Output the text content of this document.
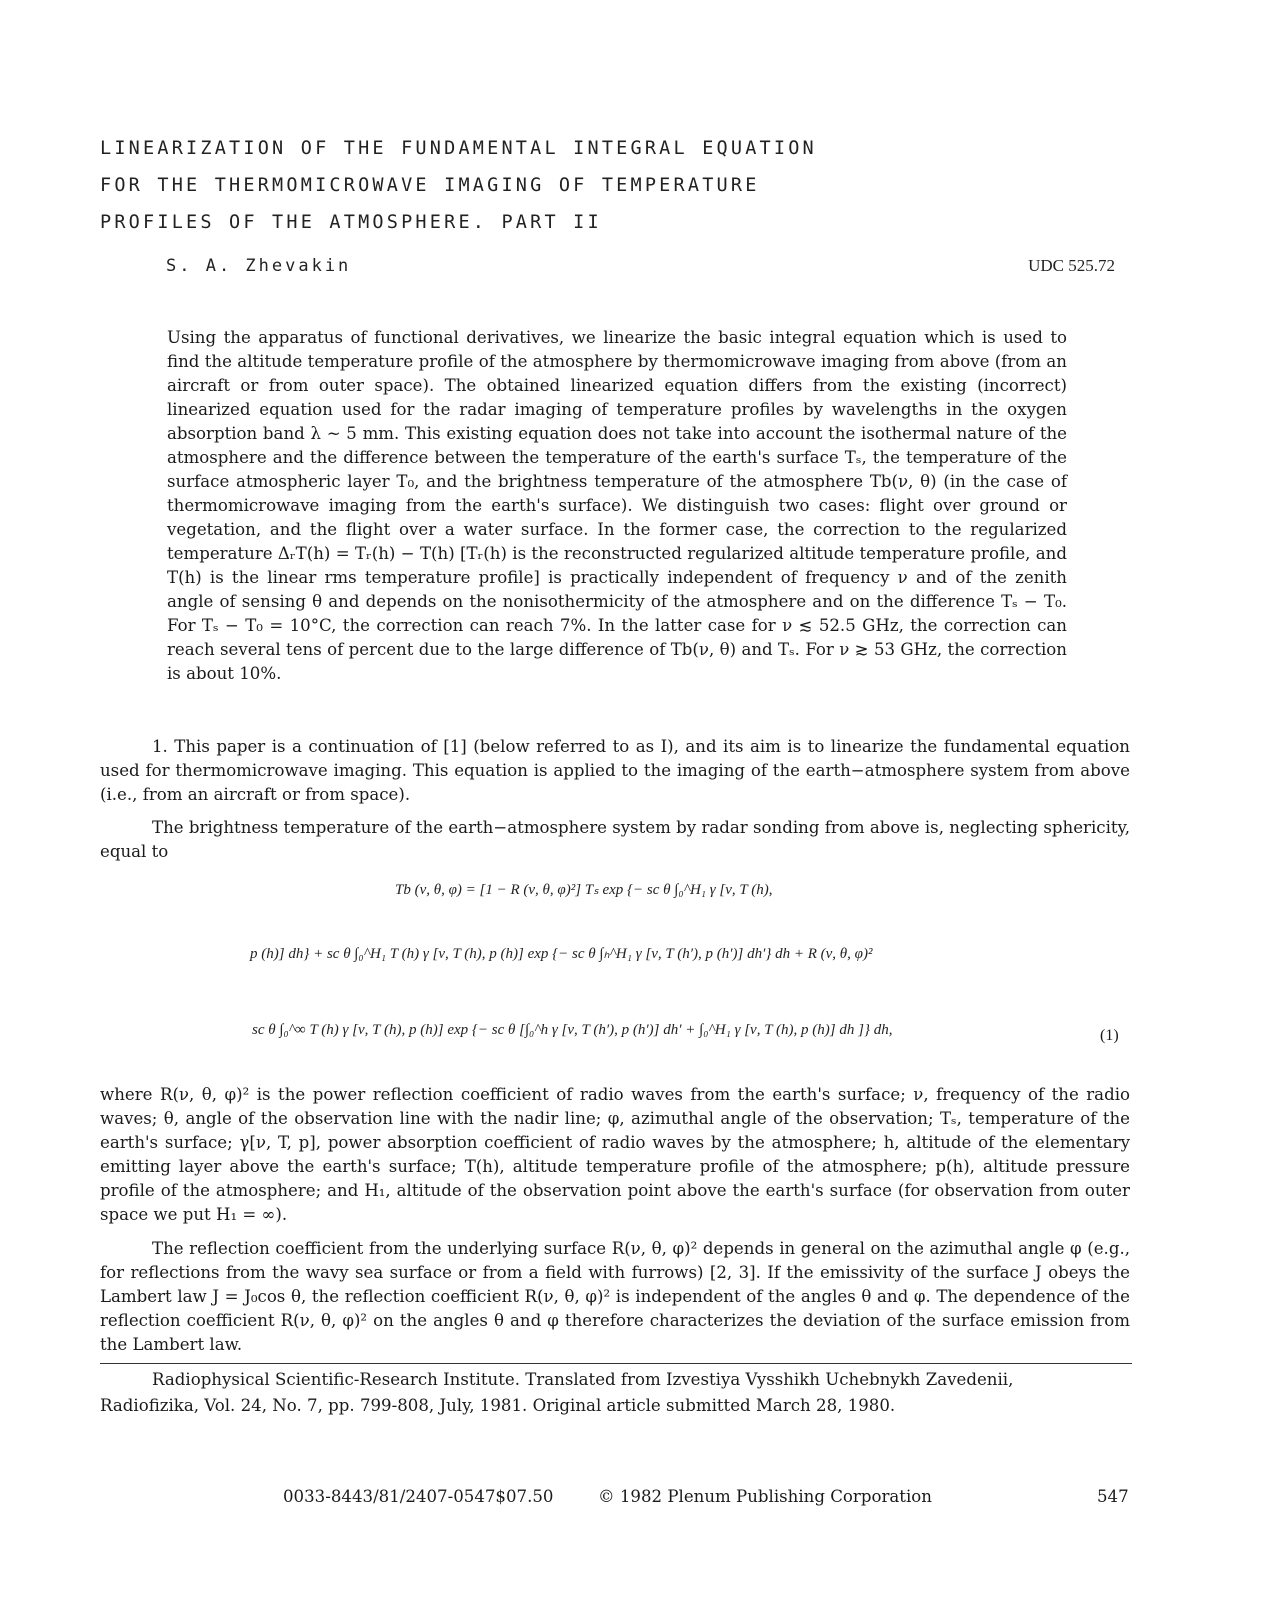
LINEARIZATION OF THE FUNDAMENTAL INTEGRAL EQUATION
FOR THE THERMOMICROWAVE IMAGING OF TEMPERATURE
PROFILES OF THE ATMOSPHERE. PART II
S. A. Zhevakin	UDC 525.72
Using the apparatus of functional derivatives, we linearize the basic integral equation which is used to find the altitude temperature profile of the atmosphere by thermomicrowave imaging from above (from an aircraft or from outer space). The obtained linearized equation differs from the existing (incorrect) linearized equation used for the radar imaging of temperature profiles by wavelengths in the oxygen absorption band λ ~ 5 mm. This existing equation does not take into account the isothermal nature of the atmosphere and the difference between the temperature of the earth's surface Tₛ, the temperature of the surface atmospheric layer T₀, and the brightness temperature of the atmosphere Tb(ν, θ) (in the case of thermomicrowave imaging from the earth's surface). We distinguish two cases: flight over ground or vegetation, and the flight over a water surface. In the former case, the correction to the regularized temperature ΔᵣT(h) = Tᵣ(h) − T(h) [Tᵣ(h) is the reconstructed regularized altitude temperature profile, and T(h) is the linear rms temperature profile] is practically independent of frequency ν and of the zenith angle of sensing θ and depends on the nonisothermicity of the atmosphere and on the difference Tₛ − T₀. For Tₛ − T₀ = 10°C, the correction can reach 7%. In the latter case for ν ≲ 52.5 GHz, the correction can reach several tens of percent due to the large difference of Tb(ν, θ) and Tₛ. For ν ≳ 53 GHz, the correction is about 10%.
1. This paper is a continuation of [1] (below referred to as I), and its aim is to linearize the fundamental equation used for thermomicrowave imaging. This equation is applied to the imaging of the earth−atmosphere system from above (i.e., from an aircraft or from space).
The brightness temperature of the earth−atmosphere system by radar sonding from above is, neglecting sphericity, equal to
Tb (ν, θ, φ) = [1 − R (ν, θ, φ)²] Tₛ exp {− sc θ ∫₀^H₁ γ [ν, T (h),
p (h)] dh} + sc θ ∫₀^H₁ T (h) γ [ν, T (h), p (h)] exp {− sc θ ∫ₕ^H₁ γ [ν, T (h′), p (h′)] dh′} dh + R (ν, θ, φ)²
sc θ ∫₀^∞ T (h) γ [ν, T (h), p (h)] exp {− sc θ [∫₀^h γ [ν, T (h′), p (h′)] dh′ + ∫₀^H₁ γ [ν, T (h), p (h)] dh ]} dh,	(1)
where R(ν, θ, φ)² is the power reflection coefficient of radio waves from the earth's surface; ν, frequency of the radio waves; θ, angle of the observation line with the nadir line; φ, azimuthal angle of the observation; Tₛ, temperature of the earth's surface; γ[ν, T, p], power absorption coefficient of radio waves by the atmosphere; h, altitude of the elementary emitting layer above the earth's surface; T(h), altitude temperature profile of the atmosphere; p(h), altitude pressure profile of the atmosphere; and H₁, altitude of the observation point above the earth's surface (for observation from outer space we put H₁ = ∞).
The reflection coefficient from the underlying surface R(ν, θ, φ)² depends in general on the azimuthal angle φ (e.g., for reflections from the wavy sea surface or from a field with furrows) [2, 3]. If the emissivity of the surface J obeys the Lambert law J = J₀cos θ, the reflection coefficient R(ν, θ, φ)² is independent of the angles θ and φ. The dependence of the reflection coefficient R(ν, θ, φ)² on the angles θ and φ therefore characterizes the deviation of the surface emission from the Lambert law.
Radiophysical Scientific-Research Institute. Translated from Izvestiya Vysshikh Uchebnykh Zavedenii,
Radiofizika, Vol. 24, No. 7, pp. 799-808, July, 1981. Original article submitted March 28, 1980.
0033-8443/81/2407-0547$07.50	© 1982 Plenum Publishing Corporation	547
